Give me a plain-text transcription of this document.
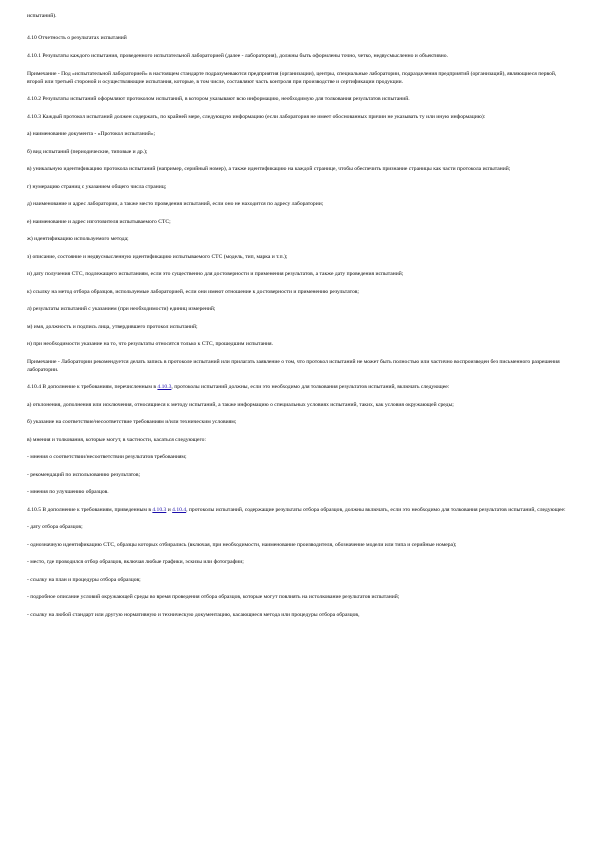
испытаний).

4.10 Отчетность о результатах испытаний

4.10.1 Результаты каждого испытания, проведенного испытательной лабораторией (далее - лаборатория), должны быть оформлены точно, четко, недвусмысленно и объективно.

Примечание - Под «испытательной лабораторией» в настоящем стандарте подразумеваются предприятия (организации), центры, специальные лаборатории, подразделения предприятий (организаций), являющиеся первой, второй или третьей стороной и осуществляющие испытания, которые, в том числе, составляют часть контроля при производстве и сертификации продукции.

4.10.2 Результаты испытаний оформляют протоколом испытаний, в котором указывают всю информацию, необходимую для толкования результатов испытаний.

4.10.3 Каждый протокол испытаний должен содержать, по крайней мере, следующую информацию (если лаборатория не имеет обоснованных причин не указывать ту или иную информацию):

а) наименование документа - «Протокол испытаний»;

б) вид испытаний (периодические, типовые и др.);

в) уникальную идентификацию протокола испытаний (например, серийный номер), а также идентификацию на каждой странице, чтобы обеспечить признание страницы как части протокола испытаний;

г) нумерацию страниц с указанием общего числа страниц;

д) наименование и адрес лаборатории, а также место проведения испытаний, если оно не находится по адресу лаборатории;

е) наименование и адрес изготовителя испытываемого СТС;

ж) идентификацию используемого метода;

з) описание, состояние и недвусмысленную идентификацию испытываемого СТС (модель, тип, марка и т.п.);

и) дату получения СТС, подлежащего испытаниям, если это существенно для достоверности и применения результатов, а также дату проведения испытаний;

к) ссылку на метод отбора образцов, используемые лабораторией, если они имеют отношение к достоверности и применению результатов;

л) результаты испытаний с указанием (при необходимости) единиц измерений;

м) имя, должность и подпись лица, утвердившего протокол испытаний;

н) при необходимости указание на то, что результаты относятся только к СТС, прошедшим испытания.

Примечание - Лаборатории рекомендуется делать запись в протоколе испытаний или прилагать заявление о том, что протокол испытаний не может быть полностью или частично воспроизведен без письменного разрешения лаборатории.

4.10.4 В дополнение к требованиям, перечисленным в 4.10.3, протоколы испытаний должны, если это необходимо для толкования результатов испытаний, включать следующее:

а) отклонения, дополнения или исключения, относящиеся к методу испытаний, а также информацию о специальных условиях испытаний, таких, как условия окружающей среды;

б) указание на соответствие/несоответствие требованиям и/или техническим условиям;

в) мнения и толкования, которые могут, в частности, касаться следующего:

- мнения о соответствии/несоответствии результатов требованиям;

- рекомендаций по использованию результатов;

- мнения по улучшению образцов.

4.10.5 В дополнение к требованиям, приведенным в 4.10.3 и 4.10.4, протоколы испытаний, содержащие результаты отбора образцов, должны включать, если это необходимо для толкования результатов испытаний, следующее:

- дату отбора образцов;

- однозначную идентификацию СТС, образцы которых отбирались (включая, при необходимости, наименование производителя, обозначение модели или типа и серийные номера);

- место, где проводился отбор образцов, включая любые графики, эскизы или фотографии;

- ссылку на план и процедуры отбора образцов;

- подробное описание условий окружающей среды во время проведения отбора образцов, которые могут повлиять на истолкование результатов испытаний;

- ссылку на любой стандарт или другую нормативную и техническую документацию, касающиеся метода или процедуры отбора образцов,
